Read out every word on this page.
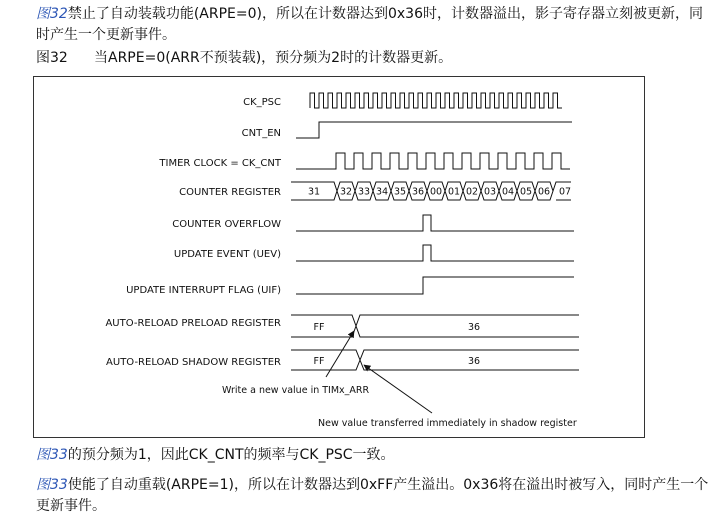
图32禁止了自动装载功能(ARPE=0)，所以在计数器达到0x36时，计数器溢出，影子寄存器立刻被更新，同时产生一个更新事件。

图32 当ARPE=0(ARR不预装载)，预分频为2时的计数器更新。

CK_PSC
CNT_EN
TIMER CLOCK = CK_CNT
COUNTER REGISTER
COUNTER OVERFLOW
UPDATE EVENT (UEV)
UPDATE INTERRUPT FLAG (UIF)
AUTO-RELOAD PRELOAD REGISTER
AUTO-RELOAD SHADOW REGISTER
31 32 33 34 35 36 00 01 02 03 04 05 06 07
FF	36
FF	36
Write a new value in TIMx_ARR
New value transferred immediately in shadow register

图33的预分频为1，因此CK_CNT的频率与CK_PSC一致。

图33使能了自动重载(ARPE=1)，所以在计数器达到0xFF产生溢出。0x36将在溢出时被写入，同时产生一个更新事件。
